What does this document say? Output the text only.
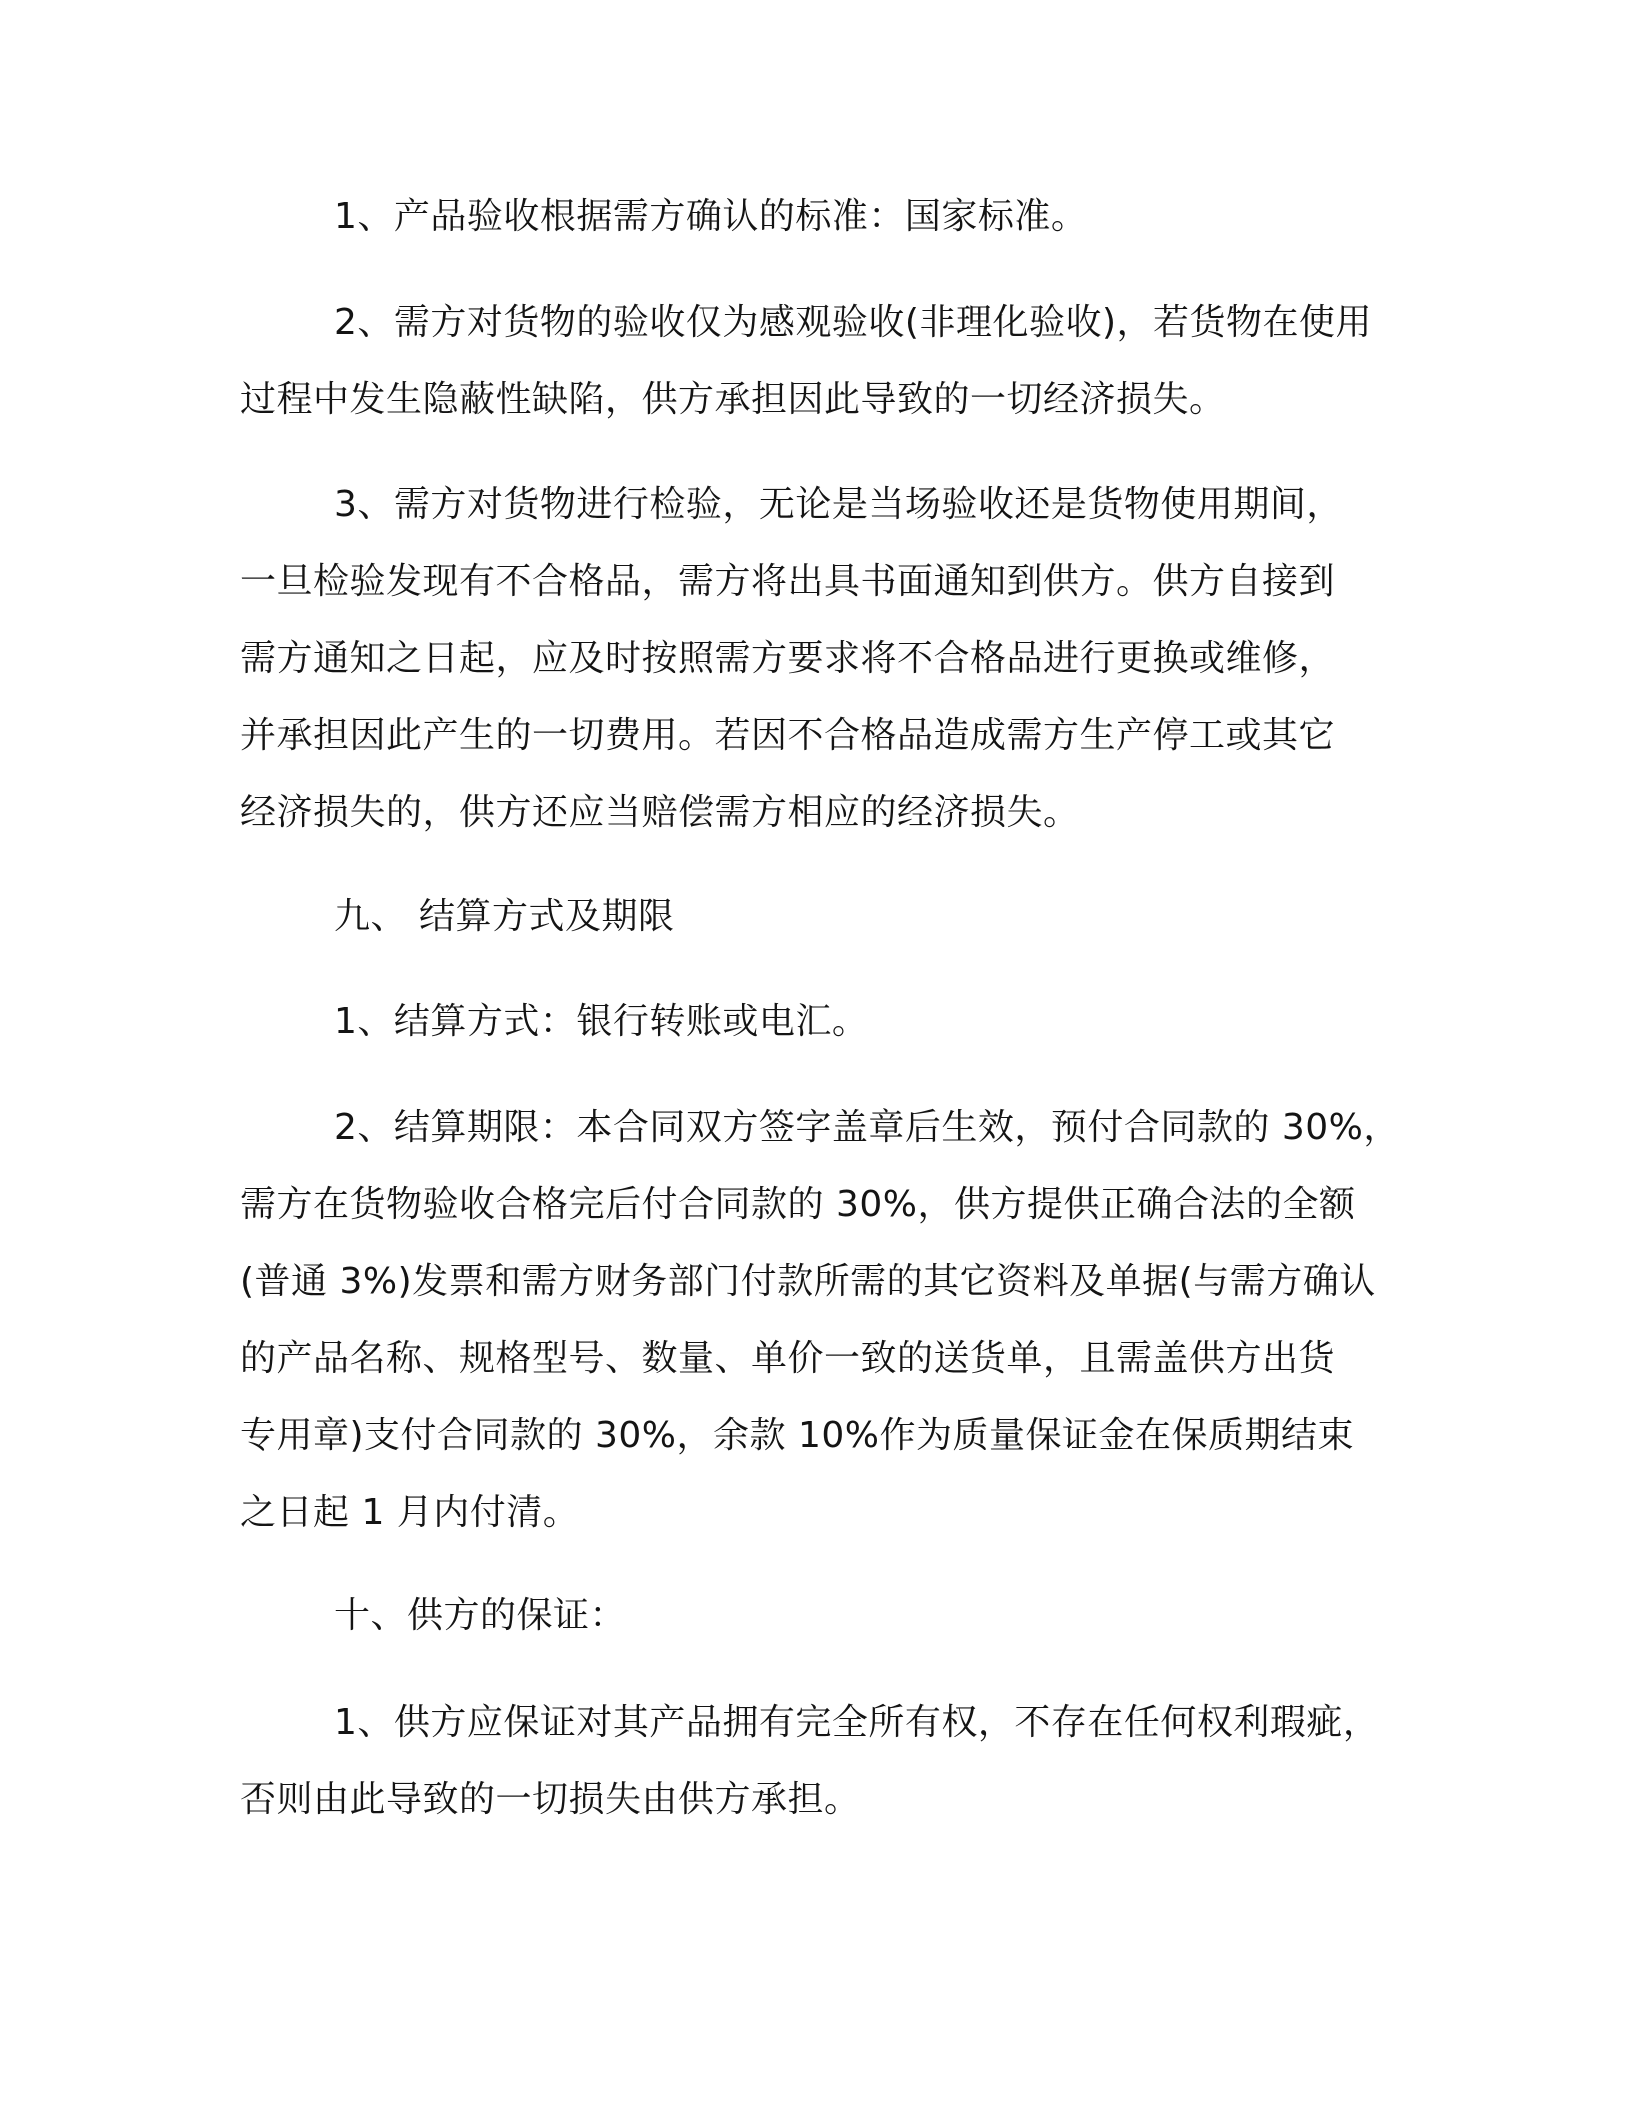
1、产品验收根据需方确认的标准：国家标准。
2、需方对货物的验收仅为感观验收(非理化验收)，若货物在使用
过程中发生隐蔽性缺陷，供方承担因此导致的一切经济损失。
3、需方对货物进行检验，无论是当场验收还是货物使用期间，
一旦检验发现有不合格品，需方将出具书面通知到供方。供方自接到
需方通知之日起，应及时按照需方要求将不合格品进行更换或维修，
并承担因此产生的一切费用。若因不合格品造成需方生产停工或其它
经济损失的，供方还应当赔偿需方相应的经济损失。
九、 结算方式及期限
1、结算方式：银行转账或电汇。
2、结算期限：本合同双方签字盖章后生效，预付合同款的 30%，
需方在货物验收合格完后付合同款的 30%，供方提供正确合法的全额
(普通 3%)发票和需方财务部门付款所需的其它资料及单据(与需方确认
的产品名称、规格型号、数量、单价一致的送货单，且需盖供方出货
专用章)支付合同款的 30%，余款 10%作为质量保证金在保质期结束
之日起 1 月内付清。
十、供方的保证：
1、供方应保证对其产品拥有完全所有权，不存在任何权利瑕疵，
否则由此导致的一切损失由供方承担。
